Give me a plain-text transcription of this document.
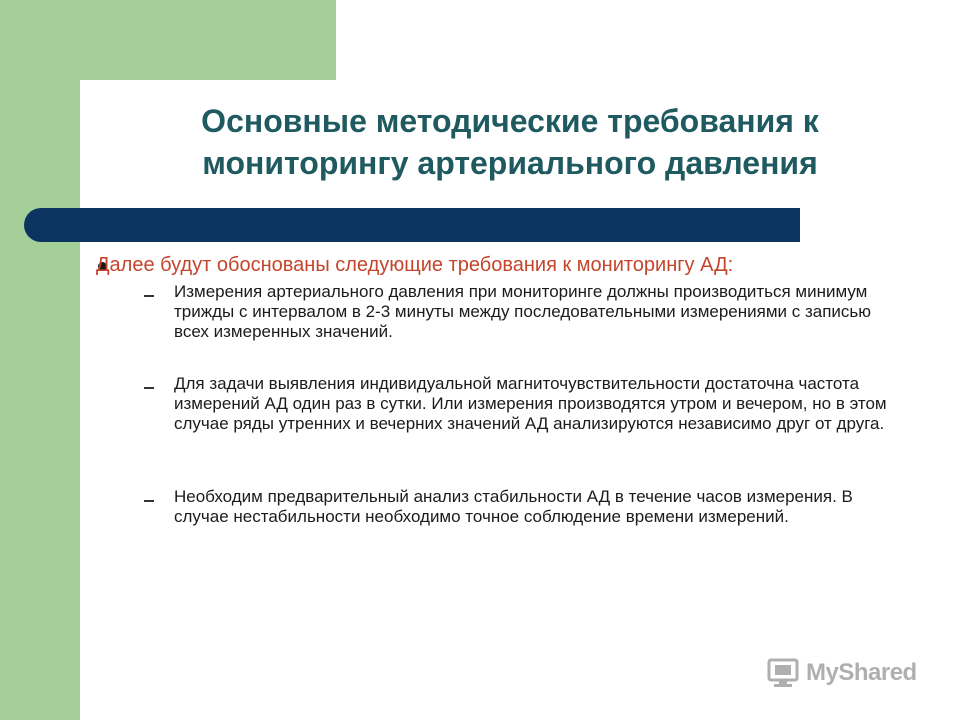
Основные методические требования к мониторингу артериального давления

Далее будут обоснованы следующие требования к мониторингу АД:

Измерения артериального давления при мониторинге должны производиться минимум трижды с интервалом в 2-3 минуты между последовательными измерениями с записью всех измеренных значений.

Для задачи выявления индивидуальной магниточувствительности достаточна частота измерений АД один раз в сутки. Или измерения производятся утром и вечером, но в этом случае ряды утренних и вечерних значений АД анализируются независимо друг от друга.

Необходим предварительный анализ стабильности АД в течение часов измерения. В случае нестабильности необходимо точное соблюдение времени измерений.

MyShared
